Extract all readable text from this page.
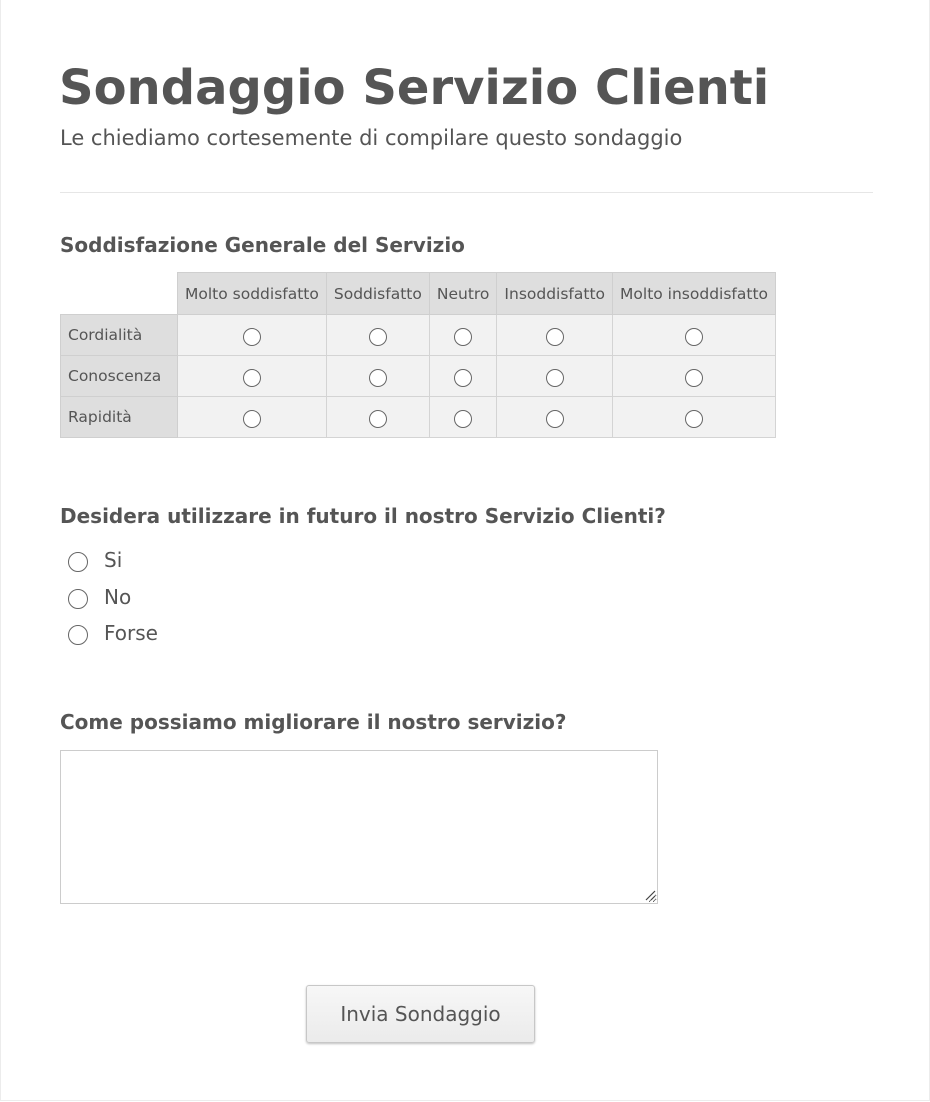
Sondaggio Servizio Clienti

Le chiediamo cortesemente di compilare questo sondaggio

Soddisfazione Generale del Servizio
	Molto soddisfatto	Soddisfatto	Neutro	Insoddisfatto	Molto insoddisfatto
Cordialità					
Conoscenza					
Rapidità					
Desidera utilizzare in futuro il nostro Servizio Clienti?
Si
No
Forse
Come possiamo migliorare il nostro servizio?
Invia Sondaggio
